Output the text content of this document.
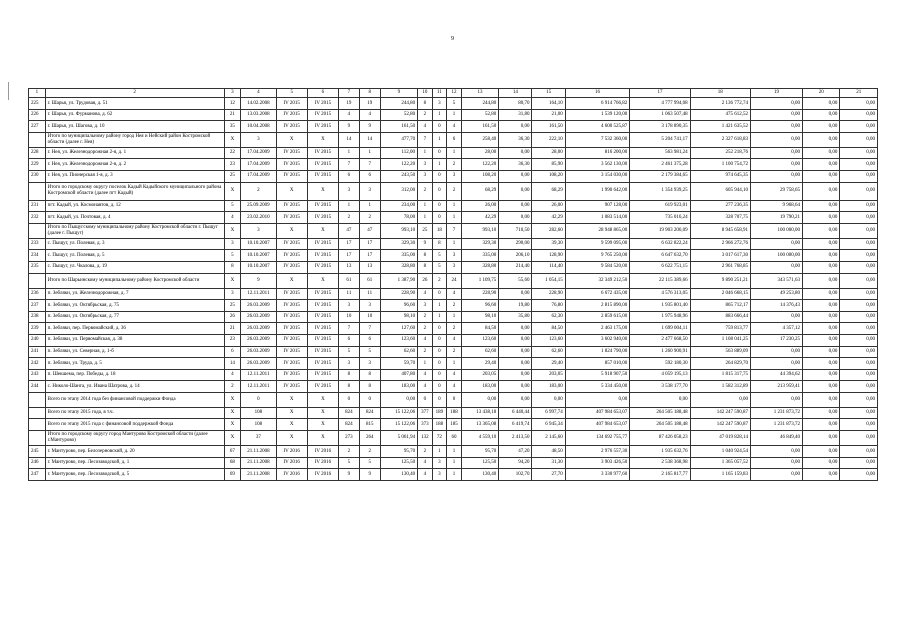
9
1	2	3	4	5	6	7	8	9	10	11	12	13	14	15	16	17	18	19	20	21
225	г. Шарья, ул. Трудовая, д. 51	12	14.02.2008	IV 2015	IV 2015	19	19	244,80	8	3	5	244,80	80,70	164,10	6 914 766,82	4 777 994,08	2 136 772,74	0,00	0,00	0,00
226	г. Шарья, ул. Фурманова, д. 62	21	13.03.2008	IV 2015	IV 2015	4	4	52,80	2	1	1	52,80	31,80	21,00	1 539 120,00	1 063 507,48	475 612,52	0,00	0,00	0,00
227	г. Шарья, ул. Шагова, д. 10	35	10.04.2008	IV 2015	IV 2015	9	9	161,50	4	0	4	161,50	0,00	161,50	4 600 525,87	3 178 890,35	1 421 635,52	0,00	0,00	0,00
	Итого по муниципальному району город Нея и Нейский район Костромской области (далее г. Нея)	X	3	X	X	14	14	477,70	7	1	6	258,40	36,30	222,10	7 532 360,00	5 204 741,17	2 327 618,83	0,00	0,00	0,00
228	г. Нея, ул. Железнодорожная 2-я, д. 1	22	17.04.2009	IV 2015	IV 2015	1	1	112,00	1	0	1	28,00	0,00	28,00	816 200,00	563 981,24	252 218,76	0,00	0,00	0,00
229	г. Нея, ул. Железнодорожная 2-я, д. 2	23	17.04.2009	IV 2015	IV 2015	7	7	122,20	3	1	2	122,20	36,30	85,90	3 562 130,00	2 461 375,28	1 100 754,72	0,00	0,00	0,00
230	г. Нея, ул. Пионерская 1-я, д. 3	25	17.04.2009	IV 2015	IV 2015	6	6	243,50	3	0	3	108,20	0,00	108,20	3 154 030,00	2 179 384,65	974 645,35	0,00	0,00	0,00
	Итого по городскому округу поселок Кадый Кадыйского муниципального района Костромской области (далее пгт Кадый)	X	2	X	X	3	3	312,00	2	0	2	68,29	0,00	68,29	1 990 642,00	1 354 939,25	605 944,10	29 758,65	0,00	0,00
231	пгт. Кадый, ул. Космонавтов, д. 12	5	25.09.2009	IV 2015	IV 2015	1	1	234,00	1	0	1	26,00	0,00	26,00	907 128,00	619 923,01	277 236,35	9 968,64	0,00	0,00
232	пгт. Кадый, ул. Почтовая, д. 4	4	23.02.2010	IV 2015	IV 2015	2	2	78,00	1	0	1	42,29	0,00	42,29	1 083 514,00	735 016,24	328 707,75	19 790,21	0,00	0,00
	Итого по Пыщугскому муниципальному району Костромской области г. Пыщуг (далее г. Пыщуг)	X	3	X	X	47	47	993,10	25	18	7	993,10	710,50	282,60	28 948 865,00	19 903 206,09	8 945 658,91	100 000,00	0,00	0,00
233	с. Пыщуг, ул. Полевая, д. 3	3	10.10.2007	IV 2015	IV 2015	17	17	329,30	9	8	1	329,30	290,00	39,30	9 599 095,00	6 632 822,24	2 966 272,76	0,00	0,00	0,00
234	с. Пыщуг, ул. Полевая, д. 5	5	10.10.2007	IV 2015	IV 2015	17	17	335,00	8	5	3	335,00	206,10	128,90	9 765 250,00	6 647 632,70	3 017 617,30	100 000,00	0,00	0,00
235	с. Пыщуг, ул. Чкалова, д. 19	8	10.10.2007	IV 2015	IV 2015	13	13	328,80	8	5	3	328,80	214,40	114,40	9 584 520,00	6 622 751,15	2 961 768,85	0,00	0,00	0,00
	Итого по Шарьинскому муниципальному району Костромской области	X	9	X	X	61	61	1 387,90	26	2	24	1 109,75	55,60	1 054,15	32 349 212,50	22 115 389,66	9 890 251,21	343 571,63	0,00	0,00
236	п. Зебляки, ул. Железнодорожная, д. 7	3	12.11.2011	IV 2015	IV 2015	11	11	228,90	4	0	4	228,90	0,00	228,90	6 672 435,00	4 576 313,05	2 046 668,15	49 253,80	0,00	0,00
237	п. Зебляки, ул. Октябрьская, д. 75	25	26.03.2009	IV 2015	IV 2015	3	3	96,60	3	1	2	96,60	19,80	76,80	2 815 890,00	1 935 801,40	865 712,17	14 376,43	0,00	0,00
238	п. Зебляки, ул. Октябрьская, д. 77	26	26.03.2009	IV 2015	IV 2015	10	10	98,10	2	1	1	98,10	35,80	62,30	2 859 615,00	1 975 948,96	883 666,44	0,00	0,00	0,00
239	п. Зебляки, пер. Первомайский, д. 36	21	26.03.2009	IV 2015	IV 2015	7	7	127,60	2	0	2	84,50	0,00	84,50	2 463 175,00	1 699 004,11	759 813,77	4 357,12	0,00	0,00
240	п. Зебляки, ул. Первомайская, д. 38	23	26.03.2009	IV 2015	IV 2015	6	6	123,60	4	0	4	123,60	0,00	123,60	3 602 940,00	2 477 668,50	1 108 041,25	17 230,25	0,00	0,00
241	п. Зебляки, ул. Северная, д. 1-б	6	26.03.2009	IV 2015	IV 2015	5	5	62,60	2	0	2	62,60	0,00	62,60	1 824 790,00	1 260 900,91	563 889,09	0,00	0,00	0,00
242	п. Зебляки, ул. Труда, д. 5	14	26.03.2009	IV 2015	IV 2015	3	3	59,70	1	0	1	29,40	0,00	29,40	857 010,00	592 180,30	264 829,70	0,00	0,00	0,00
243	п. Шекшема, пер. Победы, д. 18	4	12.11.2011	IV 2015	IV 2015	8	8	407,80	4	0	4	203,05	0,00	203,05	5 918 907,50	4 059 195,13	1 815 317,75	44 394,62	0,00	0,00
244	с. Николо-Шанга, ул. Ивана Шатрова, д. 14	2	12.11.2011	IV 2015	IV 2015	8	8	183,00	4	0	4	183,00	0,00	183,00	5 334 450,00	3 538 177,70	1 582 312,89	213 959,41	0,00	0,00
	Всего по этапу 2014 года без финансовой поддержки Фонда	X	0	X	X	0	0	0,00	0	0	0	0,00	0,00	0,00	0,00	0,00	0,00	0,00	0,00	0,00
	Всего по этапу 2015 года, в т.ч.	X	108	X	X	824	824	15 122,06	377	189	188	13 438,18	6 440,44	6 997,74	407 984 653,07	264 505 188,48	142 247 590,87	1 231 873,72	0,00	0,00
	Всего по этапу 2015 года с финансовой поддержкой Фонда	X	108	X	X	824	815	15 122,06	373	188	185	13 365,08	6 419,74	6 945,34	407 984 653,07	264 505 188,48	142 247 590,87	1 231 873,72	0,00	0,00
	Итого по городскому округу город Мантурово Костромской области (далее г.Мантурово)	X	37	X	X	273	264	5 061,94	132	72	60	4 559,10	2 413,50	2 145,60	134 692 755,77	87 426 058,23	47 019 828,14	46 849,40	0,00	0,00
245	г. Мантурово, пер. Белозерновский, д. 20	67	21.11.2008	IV 2016	IV 2016	2	2	95,70	2	1	1	95,70	47,20	48,50	2 976 557,30	1 935 632,76	1 040 924,54	0,00	0,00	0,00
246	г. Мантурово, пер. Лесозаводской, д. 1	68	21.11.2008	IV 2016	IV 2016	5	5	125,50	4	3	1	125,50	94,20	31,30	3 903 426,50	2 538 368,98	1 365 057,52	0,00	0,00	0,00
247	г. Мантурово, пер. Лесозаводской, д. 5	69	21.11.2008	IV 2016	IV 2016	9	9	130,40	4	3	1	130,40	102,70	27,70	3 330 977,60	2 165 817,77	1 165 159,83	0,00	0,00	0,00
